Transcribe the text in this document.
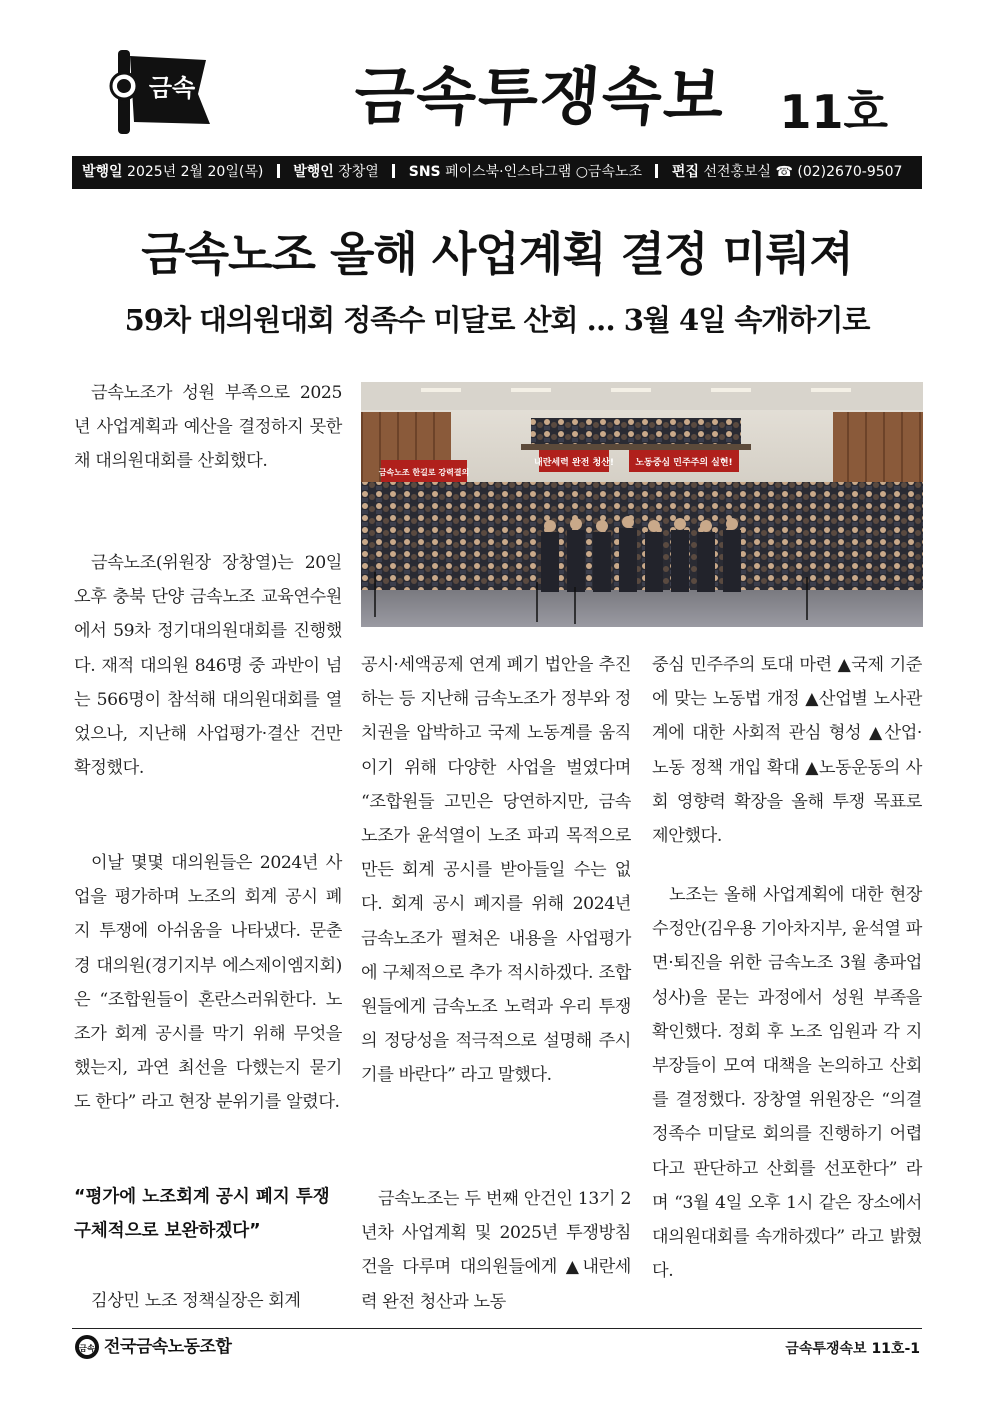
금속	금속투쟁속보	11호
발행일 2025년 2월 20일(목) 발행인 장창열 SNS 페이스북·인스타그램 ○금속노조 편집 선전홍보실 ☎ (02)2670-9507
금속노조 올해 사업계획 결정 미뤄져
59차 대의원대회 정족수 미달로 산회 … 3월 4일 속개하기로

금속노조가 성원 부족으로 2025년 사업계획과 예산을 결정하지 못한 채 대의원대회를 산회했다.

금속노조(위원장 장창열)는 20일 오후 충북 단양 금속노조 교육연수원에서 59차 정기대의원대회를 진행했다. 재적 대의원 846명 중 과반이 넘는 566명이 참석해 대의원대회를 열었으나, 지난해 사업평가·결산 건만 확정했다.

이날 몇몇 대의원들은 2024년 사업을 평가하며 노조의 회계 공시 폐지 투쟁에 아쉬움을 나타냈다. 문춘경 대의원(경기지부 에스제이엠지회)은 “조합원들이 혼란스러워한다. 노조가 회계 공시를 막기 위해 무엇을 했는지, 과연 최선을 다했는지 묻기도 한다” 라고 현장 분위기를 알렸다.

“평가에 노조회계 공시 폐지 투쟁 구체적으로 보완하겠다”

김상민 노조 정책실장은 회계

내란세력 완전 청산! 노동중심 민주주의 실현!
금속노조 한길로 강력결의

공시·세액공제 연계 폐기 법안을 추진하는 등 지난해 금속노조가 정부와 정치권을 압박하고 국제 노동계를 움직이기 위해 다양한 사업을 벌였다며 “조합원들 고민은 당연하지만, 금속노조가 윤석열이 노조 파괴 목적으로 만든 회계 공시를 받아들일 수는 없다. 회계 공시 폐지를 위해 2024년 금속노조가 펼쳐온 내용을 사업평가에 구체적으로 추가 적시하겠다. 조합원들에게 금속노조 노력과 우리 투쟁의 정당성을 적극적으로 설명해 주시기를 바란다” 라고 말했다.

금속노조는 두 번째 안건인 13기 2년차 사업계획 및 2025년 투쟁방침 건을 다루며 대의원들에게 ▲내란세력 완전 청산과 노동

중심 민주주의 토대 마련 ▲국제 기준에 맞는 노동법 개정 ▲산업별 노사관계에 대한 사회적 관심 형성 ▲산업·노동 정책 개입 확대 ▲노동운동의 사회 영향력 확장을 올해 투쟁 목표로 제안했다.

노조는 올해 사업계획에 대한 현장 수정안(김우용 기아차지부, 윤석열 파면·퇴진을 위한 금속노조 3월 총파업 성사)을 묻는 과정에서 성원 부족을 확인했다. 정회 후 노조 임원과 각 지부장들이 모여 대책을 논의하고 산회를 결정했다. 장창열 위원장은 “의결 정족수 미달로 회의를 진행하기 어렵다고 판단하고 산회를 선포한다” 라며 “3월 4일 오후 1시 같은 장소에서 대의원대회를 속개하겠다” 라고 밝혔다.

금속 전국금속노동조합	금속투쟁속보 11호-1
